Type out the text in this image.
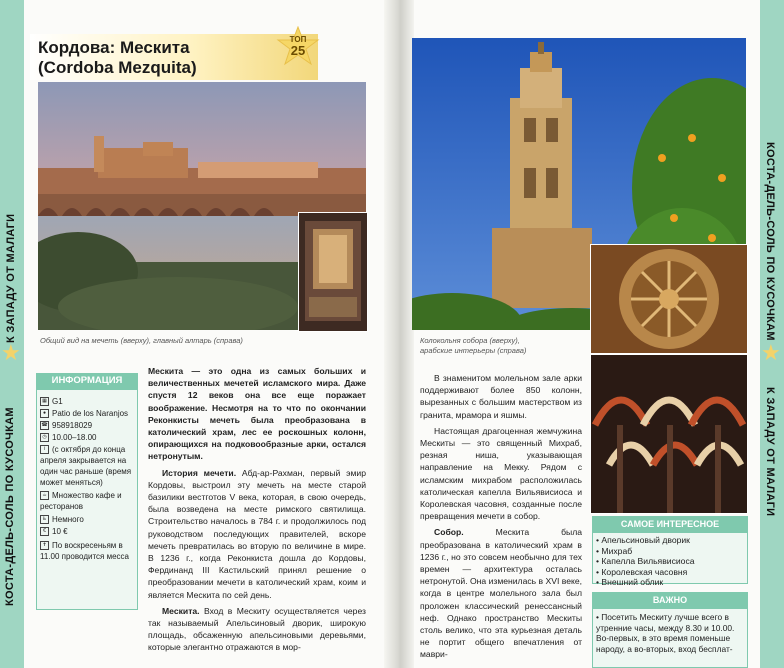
К ЗАПАДУ ОТ МАЛАГИ
★
КОСТА-ДЕЛЬ-СОЛЬ ПО КУСОЧКАМ
КОСТА-ДЕЛЬ-СОЛЬ ПО КУСОЧКАМ
★
К ЗАПАДУ ОТ МАЛАГИ
Кордова: Мескита
(Cordoba Mezquita)
ТОП
25
Общий вид на мечеть (вверху), главный алтарь (справа)
ИНФОРМАЦИЯ
▦ G1
● Patio de los Naranjos
☎ 958918029
◷ 10.00–18.00
i (с октября до конца апреля закрывается на один час раньше (время может меняться)
☕ Множество кафе и ресторанов
♿ Немного
€ 10 €
✝ По воскресеньям в 11.00 проводится месса

Мескита — это одна из самых больших и величественных мечетей исламского мира. Даже спустя 12 веков она все еще поражает воображение. Несмотря на то что по окончании Реконкисты мечеть была преобразована в католический храм, лес ее роскошных колонн, опирающихся на подковообразные арки, остался нетронутым.

История мечети. Абд-ар-Рахман, первый эмир Кордовы, выстроил эту мечеть на месте старой базилики вестготов V века, которая, в свою очередь, была возведена на месте римского святилища. Строительство началось в 784 г. и продолжилось под руководством последующих правителей, вскоре мечеть превратилась во вторую по величине в мире. В 1236 г., когда Реконкиста дошла до Кордовы, Фердинанд III Кастильский принял решение о преобразовании мечети в католический храм, коим и является Мескита по сей день.

Мескита. Вход в Мескиту осуществляется через так называемый Апельсиновый дворик, широкую площадь, обсаженную апельсиновыми деревьями, которые элегантно отражаются в мор-

Колокольня собора (вверху),
арабские интерьеры (справа)

В знаменитом молельном зале арки поддерживают более 850 колонн, вырезанных с большим мастерством из гранита, мрамора и яшмы.

Настоящая драгоценная жемчужина Мескиты — это священный Михраб, резная ниша, указывающая направление на Мекку. Рядом с исламским михрабом расположилась католическая капелла Вильявисиоса и Королевская часовня, созданные после превращения мечети в собор.

Собор. Мескита была преобразована в католический храм в 1236 г., но это совсем необычно для тех времен — архитектура осталась нетронутой. Она изменилась в XVI веке, когда в центре молельного зала был проложен классический ренессансный неф. Однако пространство Мескиты столь велико, что эта курьезная деталь не портит общего впечатления от маври-

САМОЕ ИНТЕРЕСНОЕ
• Апельсиновый дворик
• Михраб
• Капелла Вильявисиоса
• Королевская часовня
• Внешний облик
ВАЖНО
• Посетить Мескиту лучше всего в утренние часы, между 8.30 и 10.00. Во-первых, в это время поменьше народу, а во-вторых, вход бесплат-
